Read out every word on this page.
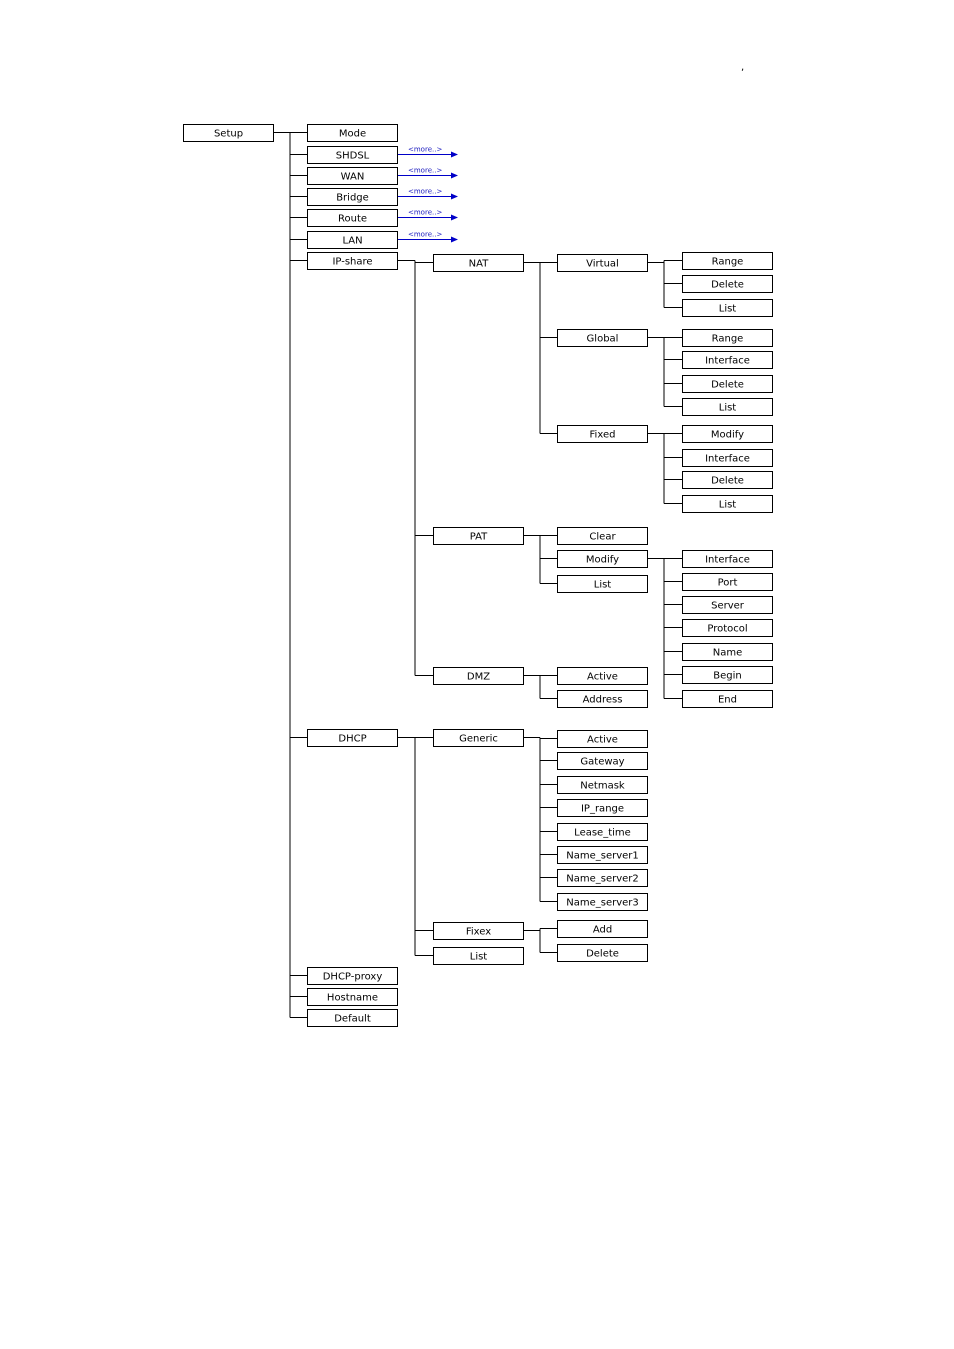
,
<more..>
<more..>
<more..>
<more..>
<more..>
Setup	Mode
SHDSL
WAN
Bridge
Route
LAN
IP-share	NAT	Virtual	Range
Delete
List
Global	Range
Interface
Delete
List
Fixed	Modify
Interface
Delete
List
PAT	Clear
Modify
List
Interface
Port
Server
Protocol
Name
Begin
End
DMZ	Active
Address
DHCP	Generic	Active
Gateway
Netmask
IP_range
Lease_time
Name_server1
Name_server2
Name_server3
Fixex	Add
Delete
List
DHCP-proxy
Hostname
Default
